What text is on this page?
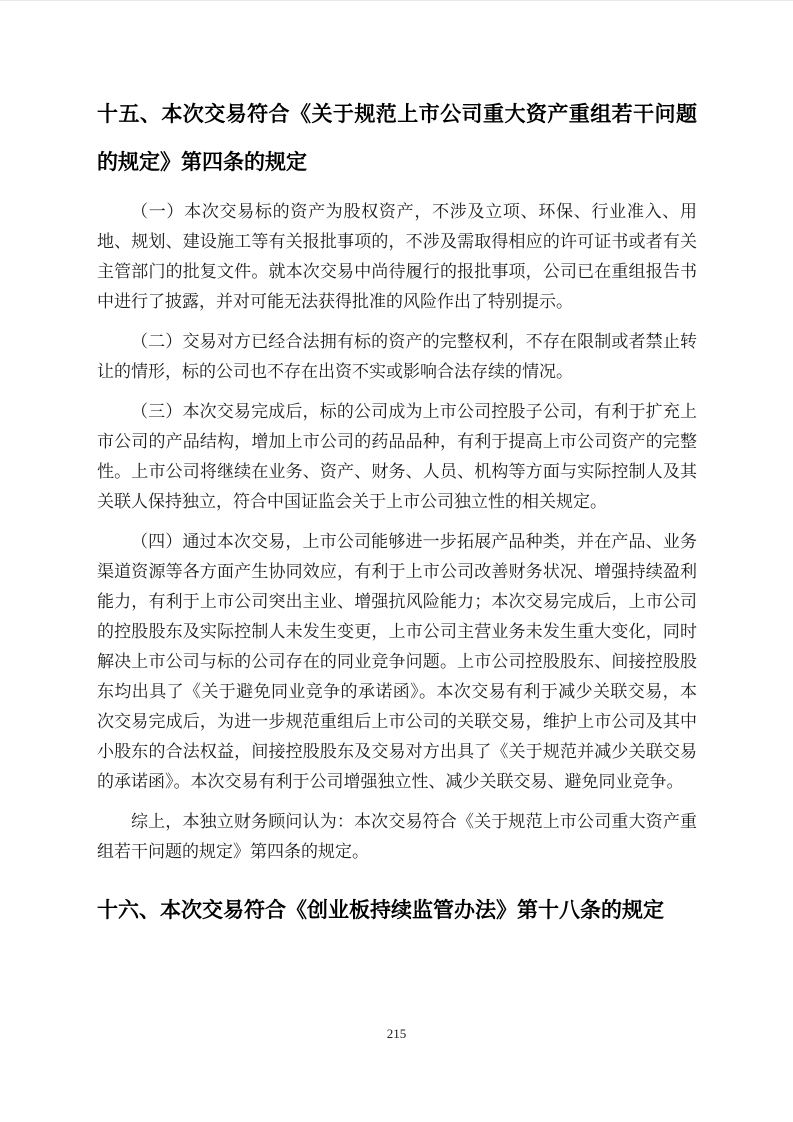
十五、本次交易符合《关于规范上市公司重大资产重组若干问题的规定》第四条的规定

（一）本次交易标的资产为股权资产，不涉及立项、环保、行业准入、用地、规划、建设施工等有关报批事项的，不涉及需取得相应的许可证书或者有关主管部门的批复文件。就本次交易中尚待履行的报批事项，公司已在重组报告书中进行了披露，并对可能无法获得批准的风险作出了特别提示。

（二）交易对方已经合法拥有标的资产的完整权利，不存在限制或者禁止转让的情形，标的公司也不存在出资不实或影响合法存续的情况。

（三）本次交易完成后，标的公司成为上市公司控股子公司，有利于扩充上市公司的产品结构，增加上市公司的药品品种，有利于提高上市公司资产的完整性。上市公司将继续在业务、资产、财务、人员、机构等方面与实际控制人及其关联人保持独立，符合中国证监会关于上市公司独立性的相关规定。

（四）通过本次交易，上市公司能够进一步拓展产品种类，并在产品、业务渠道资源等各方面产生协同效应，有利于上市公司改善财务状况、增强持续盈利能力，有利于上市公司突出主业、增强抗风险能力；本次交易完成后，上市公司的控股股东及实际控制人未发生变更，上市公司主营业务未发生重大变化，同时解决上市公司与标的公司存在的同业竞争问题。上市公司控股股东、间接控股股东均出具了《关于避免同业竞争的承诺函》。本次交易有利于减少关联交易，本次交易完成后，为进一步规范重组后上市公司的关联交易，维护上市公司及其中小股东的合法权益，间接控股股东及交易对方出具了《关于规范并减少关联交易的承诺函》。本次交易有利于公司增强独立性、减少关联交易、避免同业竞争。

综上，本独立财务顾问认为：本次交易符合《关于规范上市公司重大资产重组若干问题的规定》第四条的规定。

十六、本次交易符合《创业板持续监管办法》第十八条的规定
215
